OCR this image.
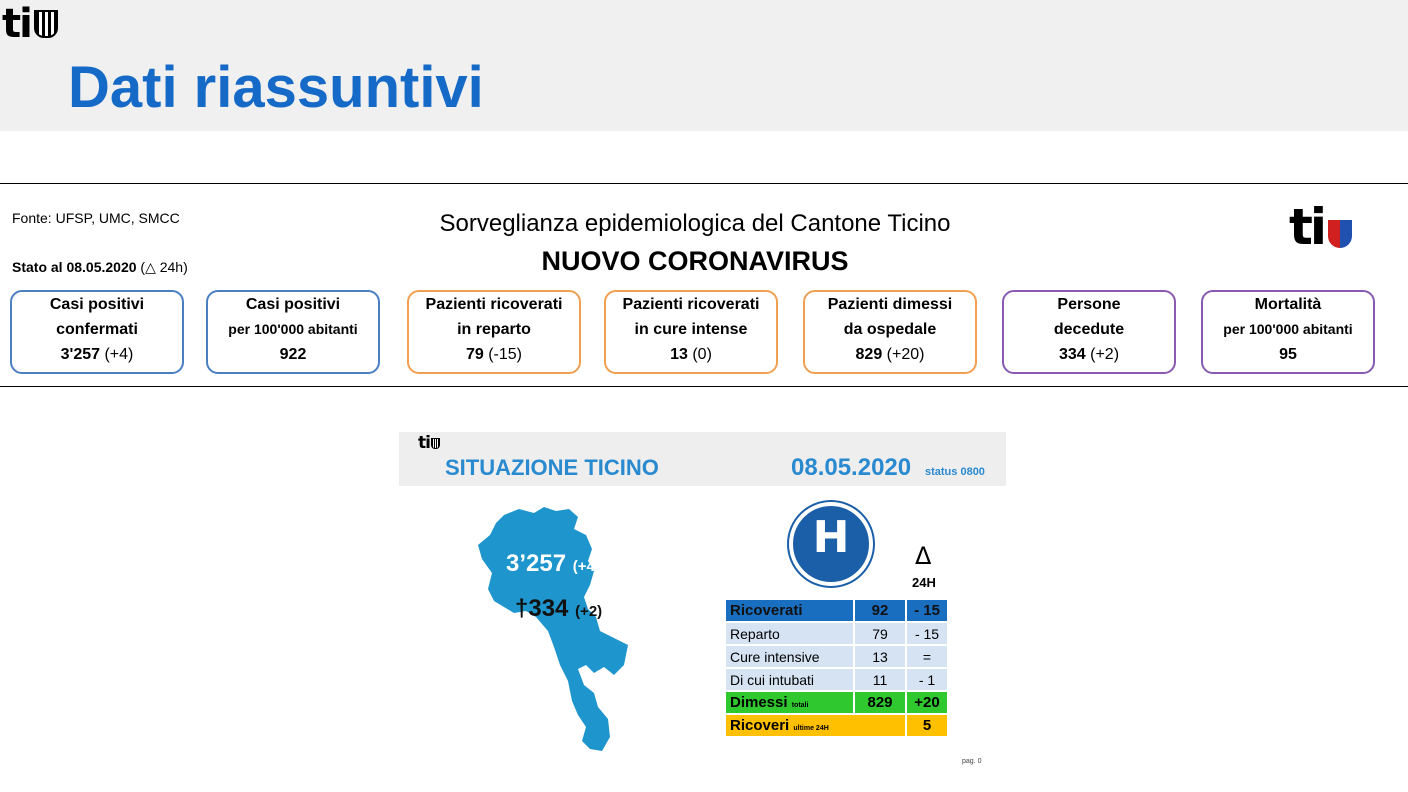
ti
Dati riassuntivi
Fonte: UFSP, UMC, SMCC
Stato al 08.05.2020 (△ 24h)
Sorveglianza epidemiologica del Cantone Ticino
NUOVO CORONAVIRUS
ti
Casi positivi
confermati
3'257 (+4)
Casi positivi
per 100'000 abitanti
922
Pazienti ricoverati
in reparto
79 (-15)
Pazienti ricoverati
in cure intense
13 (0)
Pazienti dimessi
da ospedale
829 (+20)
Persone
decedute
334 (+2)
Mortalità
per 100'000 abitanti
95
ti
SITUAZIONE TICINO	08.05.2020 status 0800
3’257 (+4)
†334 (+2)
H	Δ
24H
Ricoverati	92	- 15
Reparto	79	- 15
Cure intensive	13	=
Di cui intubati	11	- 1
Dimessi totali	829	+20
Ricoveri ultime 24H		5
pag. 0
